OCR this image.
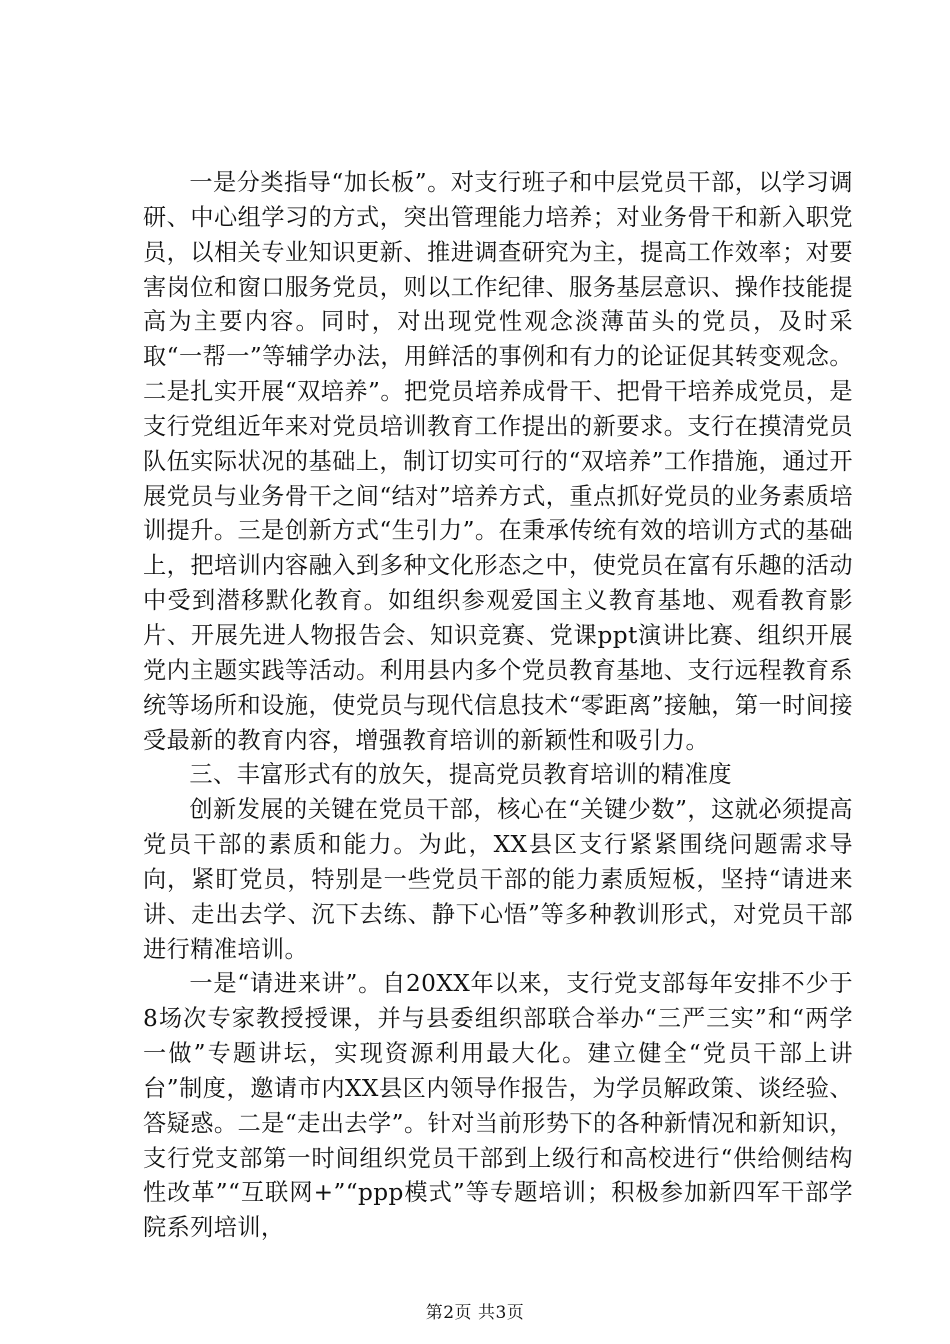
一是分类指导“加长板”。对支行班子和中层党员干部，以学习调研、中心组学习的方式，突出管理能力培养；对业务骨干和新入职党员，以相关专业知识更新、推进调查研究为主，提高工作效率；对要害岗位和窗口服务党员，则以工作纪律、服务基层意识、操作技能提高为主要内容。同时，对出现党性观念淡薄苗头的党员，及时采取“一帮一”等辅学办法，用鲜活的事例和有力的论证促其转变观念。二是扎实开展“双培养”。把党员培养成骨干、把骨干培养成党员，是支行党组近年来对党员培训教育工作提出的新要求。支行在摸清党员队伍实际状况的基础上，制订切实可行的“双培养”工作措施，通过开展党员与业务骨干之间“结对”培养方式，重点抓好党员的业务素质培训提升。三是创新方式“生引力”。在秉承传统有效的培训方式的基础上，把培训内容融入到多种文化形态之中，使党员在富有乐趣的活动中受到潜移默化教育。如组织参观爱国主义教育基地、观看教育影片、开展先进人物报告会、知识竞赛、党课ppt演讲比赛、组织开展党内主题实践等活动。利用县内多个党员教育基地、支行远程教育系统等场所和设施，使党员与现代信息技术“零距离”接触，第一时间接受最新的教育内容，增强教育培训的新颖性和吸引力。

三、丰富形式有的放矢，提高党员教育培训的精准度

创新发展的关键在党员干部，核心在“关键少数”，这就必须提高党员干部的素质和能力。为此，XX县区支行紧紧围绕问题需求导向，紧盯党员，特别是一些党员干部的能力素质短板，坚持“请进来讲、走出去学、沉下去练、静下心悟”等多种教训形式，对党员干部进行精准培训。

一是“请进来讲”。自20XX年以来，支行党支部每年安排不少于8场次专家教授授课，并与县委组织部联合举办“三严三实”和“两学一做”专题讲坛，实现资源利用最大化。建立健全“党员干部上讲台”制度，邀请市内XX县区内领导作报告，为学员解政策、谈经验、答疑惑。二是“走出去学”。针对当前形势下的各种新情况和新知识，支行党支部第一时间组织党员干部到上级行和高校进行“供给侧结构性改革”“互联网+”“ppp模式”等专题培训；积极参加新四军干部学院系列培训，

第2页 共3页
